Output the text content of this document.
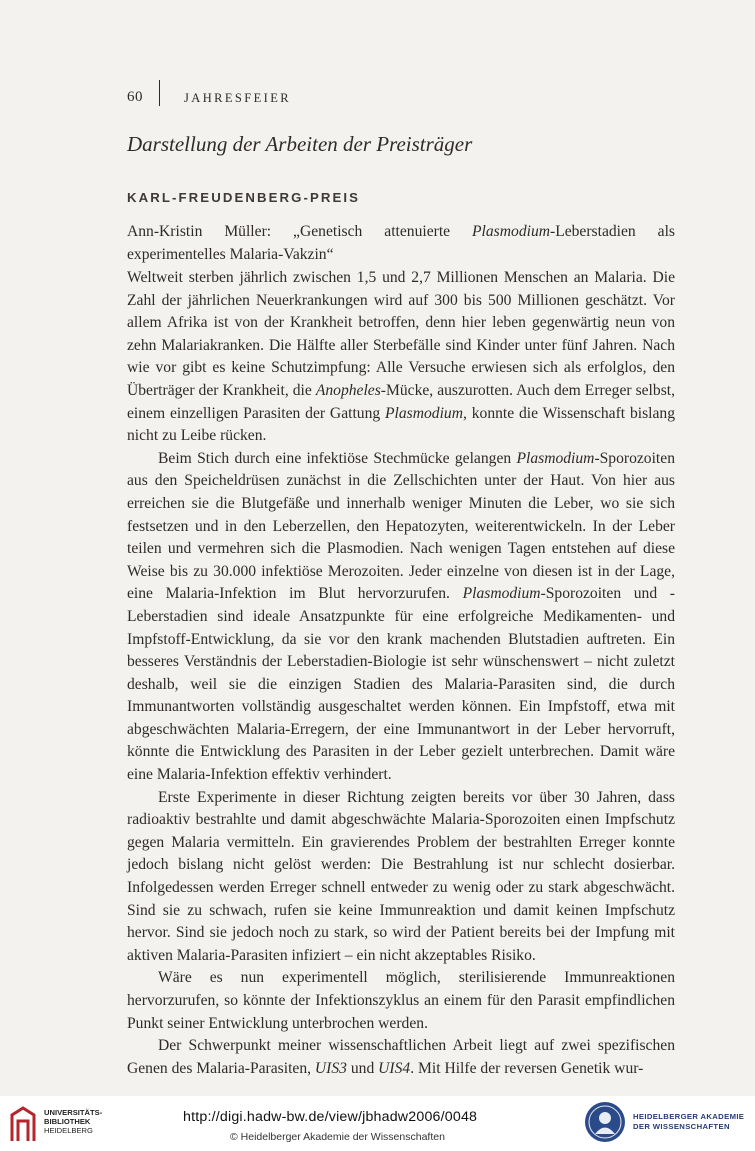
60	JAHRESFEIER
Darstellung der Arbeiten der Preisträger
KARL-FREUDENBERG-PREIS
Ann-Kristin Müller: „Genetisch attenuierte Plasmodium-Leberstadien als experimentelles Malaria-Vakzin“

Weltweit sterben jährlich zwischen 1,5 und 2,7 Millionen Menschen an Malaria. Die Zahl der jährlichen Neuerkrankungen wird auf 300 bis 500 Millionen geschätzt. Vor allem Afrika ist von der Krankheit betroffen, denn hier leben gegenwärtig neun von zehn Malariakranken. Die Hälfte aller Sterbefälle sind Kinder unter fünf Jahren. Nach wie vor gibt es keine Schutzimpfung: Alle Versuche erwiesen sich als erfolglos, den Überträger der Krankheit, die Anopheles-Mücke, auszurotten. Auch dem Erreger selbst, einem einzelligen Parasiten der Gattung Plasmodium, konnte die Wissenschaft bislang nicht zu Leibe rücken.

Beim Stich durch eine infektiöse Stechmücke gelangen Plasmodium-Sporozoiten aus den Speicheldrüsen zunächst in die Zellschichten unter der Haut. Von hier aus erreichen sie die Blutgefäße und innerhalb weniger Minuten die Leber, wo sie sich festsetzen und in den Leberzellen, den Hepatozyten, weiterentwickeln. In der Leber teilen und vermehren sich die Plasmodien. Nach wenigen Tagen entstehen auf diese Weise bis zu 30.000 infektiöse Merozoiten. Jeder einzelne von diesen ist in der Lage, eine Malaria-Infektion im Blut hervorzurufen. Plasmodium-Sporozoiten und -Leberstadien sind ideale Ansatzpunkte für eine erfolgreiche Medikamenten- und Impfstoff-Entwicklung, da sie vor den krank machenden Blutstadien auftreten. Ein besseres Verständnis der Leberstadien-Biologie ist sehr wünschenswert – nicht zuletzt deshalb, weil sie die einzigen Stadien des Malaria-Parasiten sind, die durch Immunantworten vollständig ausgeschaltet werden können. Ein Impfstoff, etwa mit abgeschwächten Malaria-Erregern, der eine Immunantwort in der Leber hervorruft, könnte die Entwicklung des Parasiten in der Leber gezielt unterbrechen. Damit wäre eine Malaria-Infektion effektiv verhindert.

Erste Experimente in dieser Richtung zeigten bereits vor über 30 Jahren, dass radioaktiv bestrahlte und damit abgeschwächte Malaria-Sporozoiten einen Impfschutz gegen Malaria vermitteln. Ein gravierendes Problem der bestrahlten Erreger konnte jedoch bislang nicht gelöst werden: Die Bestrahlung ist nur schlecht dosierbar. Infolgedessen werden Erreger schnell entweder zu wenig oder zu stark abgeschwächt. Sind sie zu schwach, rufen sie keine Immunreaktion und damit keinen Impfschutz hervor. Sind sie jedoch noch zu stark, so wird der Patient bereits bei der Impfung mit aktiven Malaria-Parasiten infiziert – ein nicht akzeptables Risiko.

Wäre es nun experimentell möglich, sterilisierende Immunreaktionen hervorzurufen, so könnte der Infektionszyklus an einem für den Parasit empfindlichen Punkt seiner Entwicklung unterbrochen werden.

Der Schwerpunkt meiner wissenschaftlichen Arbeit liegt auf zwei spezifischen Genen des Malaria-Parasiten, UIS3 und UIS4. Mit Hilfe der reversen Genetik wur-

UNIVERSITÄTS-
BIBLIOTHEK
HEIDELBERG
http://digi.hadw-bw.de/view/jbhadw2006/0048
© Heidelberger Akademie der Wissenschaften
HEIDELBERGER AKADEMIE
DER WISSENSCHAFTEN
